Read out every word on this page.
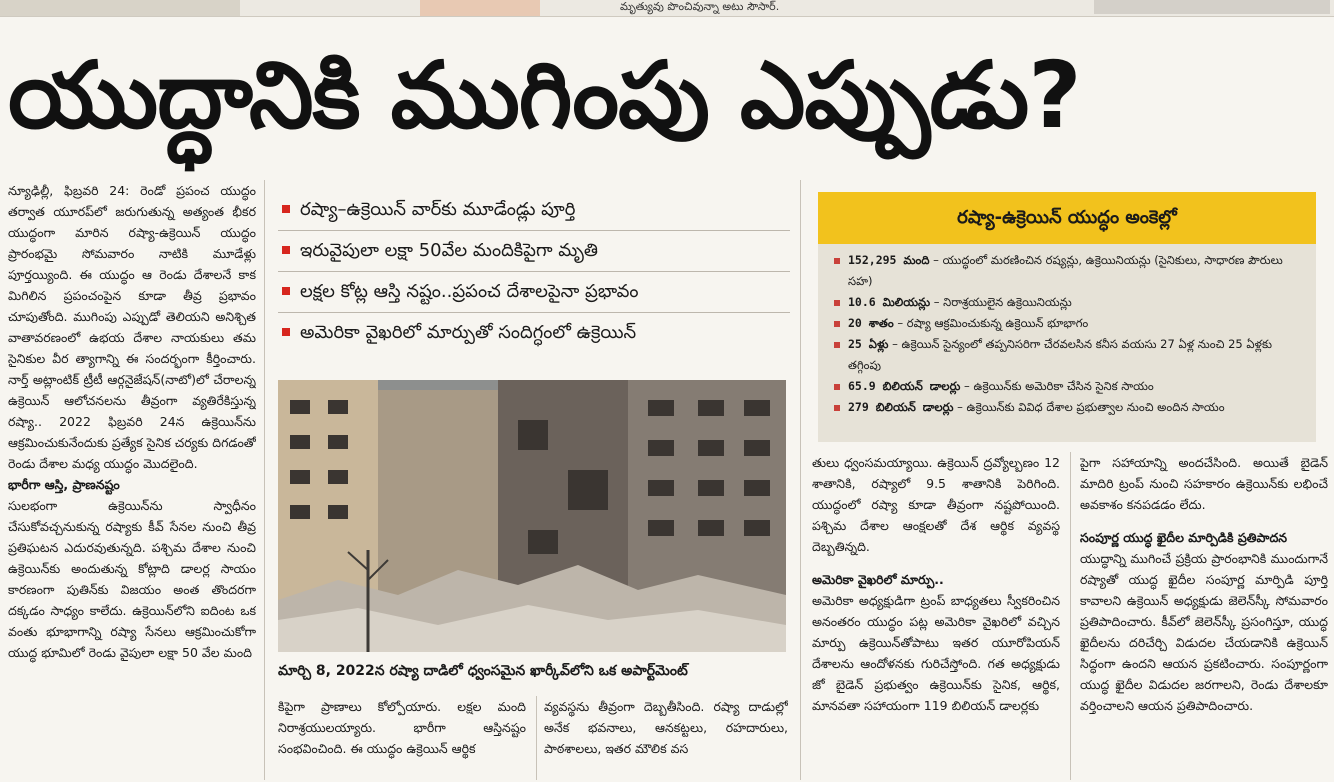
మృత్యువు పొంచివున్నా అటు సౌసార్.
యుద్ధానికి ముగింపు ఎప్పుడు?

న్యూఢిల్లీ, ఫిబ్రవరి 24: రెండో ప్రపంచ యుద్ధం తర్వాత యూరప్‌లో జరుగుతున్న అత్యంత భీకర యుద్ధంగా మారిన రష్యా-ఉక్రెయిన్ యుద్ధం ప్రారంభమై సోమవారం నాటికి మూడేళ్లు పూర్తయ్యింది. ఈ యుద్ధం ఆ రెండు దేశాలనే కాక మిగిలిన ప్రపంచంపైన కూడా తీవ్ర ప్రభావం చూపుతోంది. ముగింపు ఎప్పుడో తెలియని అనిశ్చిత వాతావరణంలో ఉభయ దేశాల నాయకులు తమ సైనికుల వీర త్యాగాన్ని ఈ సందర్భంగా కీర్తించారు. నార్త్ అట్లాంటిక్ ట్రీటీ ఆర్గనైజేషన్(నాటో)లో చేరాలన్న ఉక్రెయిన్ ఆలోచనలను తీవ్రంగా వ్యతిరేకిస్తున్న రష్యా.. 2022 ఫిబ్రవరి 24న ఉక్రెయిన్‌ను ఆక్రమించుకునేందుకు ప్రత్యేక సైనిక చర్యకు దిగడంతో రెండు దేశాల మధ్య యుద్ధం మొదలైంది.

భారీగా ఆస్తి, ప్రాణనష్టం

సులభంగా ఉక్రెయిన్‌ను స్వాధీనం చేసుకోవచ్చనుకున్న రష్యాకు కీవ్ సేనల నుంచి తీవ్ర ప్రతిఘటన ఎదురవుతున్నది. పశ్చిమ దేశాల నుంచి ఉక్రెయిన్‌కు అందుతున్న కోట్లాది డాలర్ల సాయం కారణంగా పుతిన్‌కు విజయం అంత తొందరగా దక్కడం సాధ్యం కాలేదు. ఉక్రెయిన్‌లోని ఐదింట ఒక వంతు భూభాగాన్ని రష్యా సేనలు ఆక్రమించుకోగా యుద్ధ భూమిలో రెండు వైపులా లక్షా 50 వేల మంది

రష్యా–ఉక్రెయిన్ వార్‌కు మూడేండ్లు పూర్తి
ఇరువైపులా లక్షా 50వేల మందికిపైగా మృతి
లక్షల కోట్ల ఆస్తి నష్టం..ప్రపంచ దేశాలపైనా ప్రభావం
అమెరికా వైఖరిలో మార్పుతో సందిగ్ధంలో ఉక్రెయిన్
మార్చి 8, 2022న రష్యా దాడిలో ధ్వంసమైన ఖార్కీవ్‌లోని ఒక అపార్ట్‌మెంట్

కిపైగా ప్రాణాలు కోల్పోయారు. లక్షల మంది నిరాశ్రయులయ్యారు. భారీగా ఆస్తినష్టం సంభవించింది. ఈ యుద్ధం ఉక్రెయిన్ ఆర్థిక

వ్యవస్థను తీవ్రంగా దెబ్బతీసింది. రష్యా దాడుల్లో అనేక భవనాలు, ఆనకట్టలు, రహదారులు, పాఠశాలలు, ఇతర మౌలిక వస

రష్యా-ఉక్రెయిన్ యుద్ధం అంకెల్లో
152,295 మంది – యుద్ధంలో మరణించిన రష్యన్లు, ఉక్రెయినియన్లు (సైనికులు, సాధారణ పౌరులు సహ)
10.6 మిలియన్లు – నిరాశ్రయులైన ఉక్రెయినియన్లు
20 శాతం – రష్యా ఆక్రమించుకున్న ఉక్రెయిన్ భూభాగం
25 ఏళ్లు – ఉక్రెయిన్ సైన్యంలో తప్పనిసరిగా చేరవలసిన కనీస వయసు 27 ఏళ్ల నుంచి 25 ఏళ్లకు తగ్గింపు
65.9 బిలియన్ డాలర్లు – ఉక్రెయిన్‌కు అమెరికా చేసిన సైనిక సాయం
279 బిలియన్ డాలర్లు – ఉక్రెయిన్‌కు వివిధ దేశాల ప్రభుత్వాల నుంచి అందిన సాయం

తులు ధ్వంసమయ్యాయి. ఉక్రెయిన్ ద్రవ్యోల్బణం 12 శాతానికి, రష్యాలో 9.5 శాతానికి పెరిగింది. యుద్ధంలో రష్యా కూడా తీవ్రంగా నష్టపోయింది. పశ్చిమ దేశాల ఆంక్షలతో దేశ ఆర్థిక వ్యవస్థ దెబ్బతిన్నది.

అమెరికా వైఖరిలో మార్పు..

అమెరికా అధ్యక్షుడిగా ట్రంప్ బాధ్యతలు స్వీకరించిన అనంతరం యుద్ధం పట్ల అమెరికా వైఖరిలో వచ్చిన మార్పు ఉక్రెయిన్‌తోపాటు ఇతర యూరోపియన్ దేశాలను ఆందోళనకు గురిచేస్తోంది. గత అధ్యక్షుడు జో బైడెన్ ప్రభుత్వం ఉక్రెయిన్‌కు సైనిక, ఆర్థిక, మానవతా సహాయంగా 119 బిలియన్ డాలర్లకు

పైగా సహాయాన్ని అందచేసింది. అయితే బైడెన్ మాదిరి ట్రంప్ నుంచి సహకారం ఉక్రెయిన్‌కు లభించే అవకాశం కనపడడం లేదు.

సంపూర్ణ యుద్ధ ఖైదీల మార్పిడికి ప్రతిపాదన

యుద్ధాన్ని ముగించే ప్రక్రియ ప్రారంభానికి ముందుగానే రష్యాతో యుద్ధ ఖైదీల సంపూర్ణ మార్పిడి పూర్తి కావాలని ఉక్రెయిన్ అధ్యక్షుడు జెలెన్‌స్కీ సోమవారం ప్రతిపాదించారు. కీవ్‌లో జెలెన్‌స్కీ ప్రసంగిస్తూ, యుద్ధ ఖైదీలను దరిచేర్చి విడుదల చేయడానికి ఉక్రెయిన్ సిద్ధంగా ఉందని ఆయన ప్రకటించారు. సంపూర్ణంగా యుద్ధ ఖైదీల విడుదల జరగాలని, రెండు దేశాలకూ వర్తించాలని ఆయన ప్రతిపాదించారు.
